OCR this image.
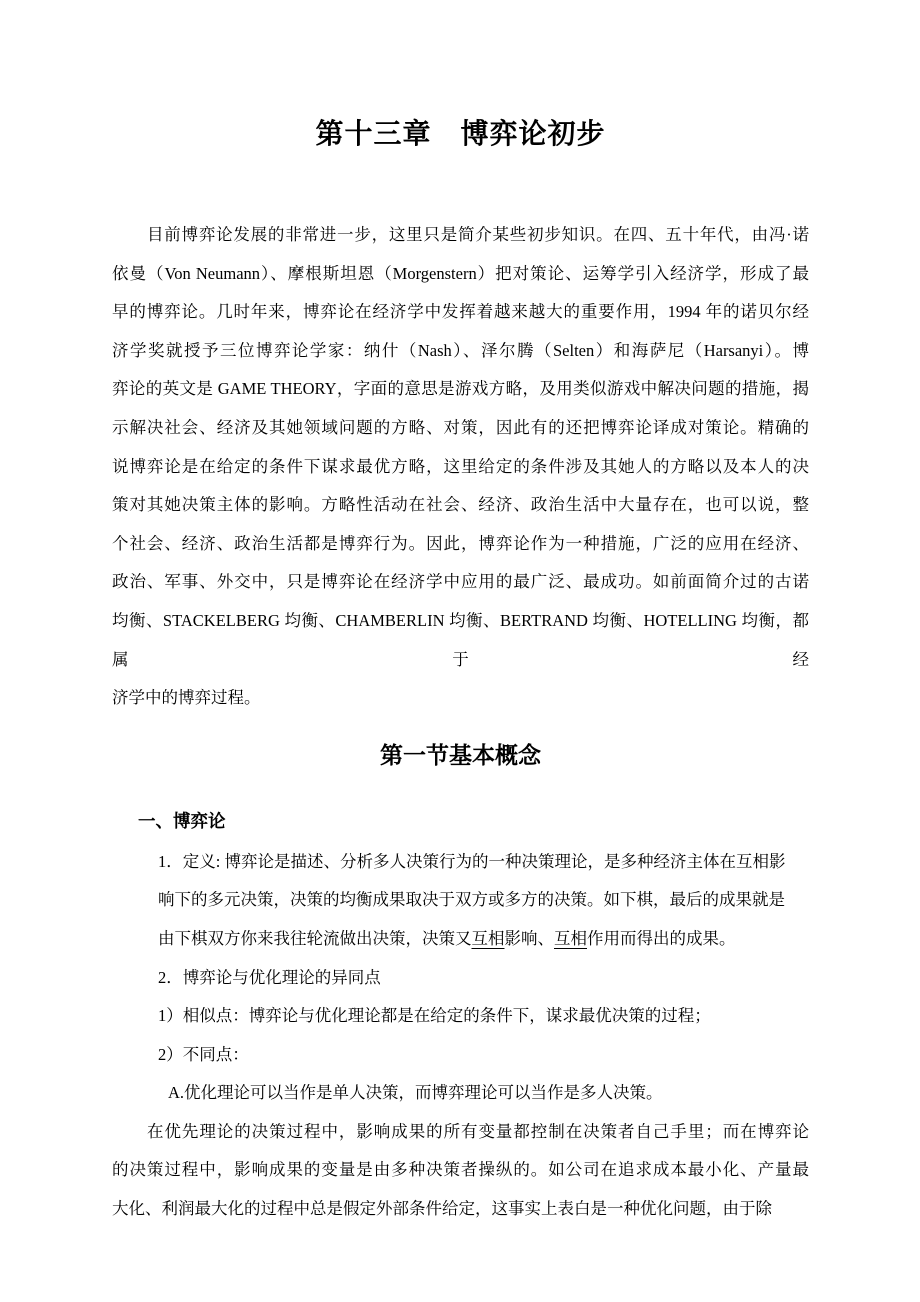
第十三章　博弈论初步
目前博弈论发展的非常进一步，这里只是简介某些初步知识。在四、五十年代，由冯·诺
依曼（Von Neumann）、摩根斯坦恩（Morgenstern）把对策论、运筹学引入经济学，形成了最
早的博弈论。几时年来，博弈论在经济学中发挥着越来越大的重要作用，1994 年的诺贝尔经
济学奖就授予三位博弈论学家：纳什（Nash）、泽尔腾（Selten）和海萨尼（Harsanyi）。博
弈论的英文是 GAME THEORY，字面的意思是游戏方略，及用类似游戏中解决问题的措施，揭
示解决社会、经济及其她领域问题的方略、对策，因此有的还把博弈论译成对策论。精确的
说博弈论是在给定的条件下谋求最优方略，这里给定的条件涉及其她人的方略以及本人的决
策对其她决策主体的影响。方略性活动在社会、经济、政治生活中大量存在，也可以说，整
个社会、经济、政治生活都是博弈行为。因此，博弈论作为一种措施，广泛的应用在经济、
政治、军事、外交中，只是博弈论在经济学中应用的最广泛、最成功。如前面简介过的古诺
均衡、STACKELBERG 均衡、CHAMBERLIN 均衡、BERTRAND 均衡、HOTELLING 均衡，都属于经
济学中的博弈过程。
第一节基本概念
一、博弈论
1．定义: 博弈论是描述、分析多人决策行为的一种决策理论，是多种经济主体在互相影
响下的多元决策，决策的均衡成果取决于双方或多方的决策。如下棋，最后的成果就是
由下棋双方你来我往轮流做出决策，决策又互相影响、互相作用而得出的成果。
2．博弈论与优化理论的异同点
1）相似点：博弈论与优化理论都是在给定的条件下，谋求最优决策的过程；
2）不同点：
A.优化理论可以当作是单人决策，而博弈理论可以当作是多人决策。
在优先理论的决策过程中，影响成果的所有变量都控制在决策者自己手里；而在博弈论
的决策过程中，影响成果的变量是由多种决策者操纵的。如公司在追求成本最小化、产量最
大化、利润最大化的过程中总是假定外部条件给定，这事实上表白是一种优化问题，由于除
